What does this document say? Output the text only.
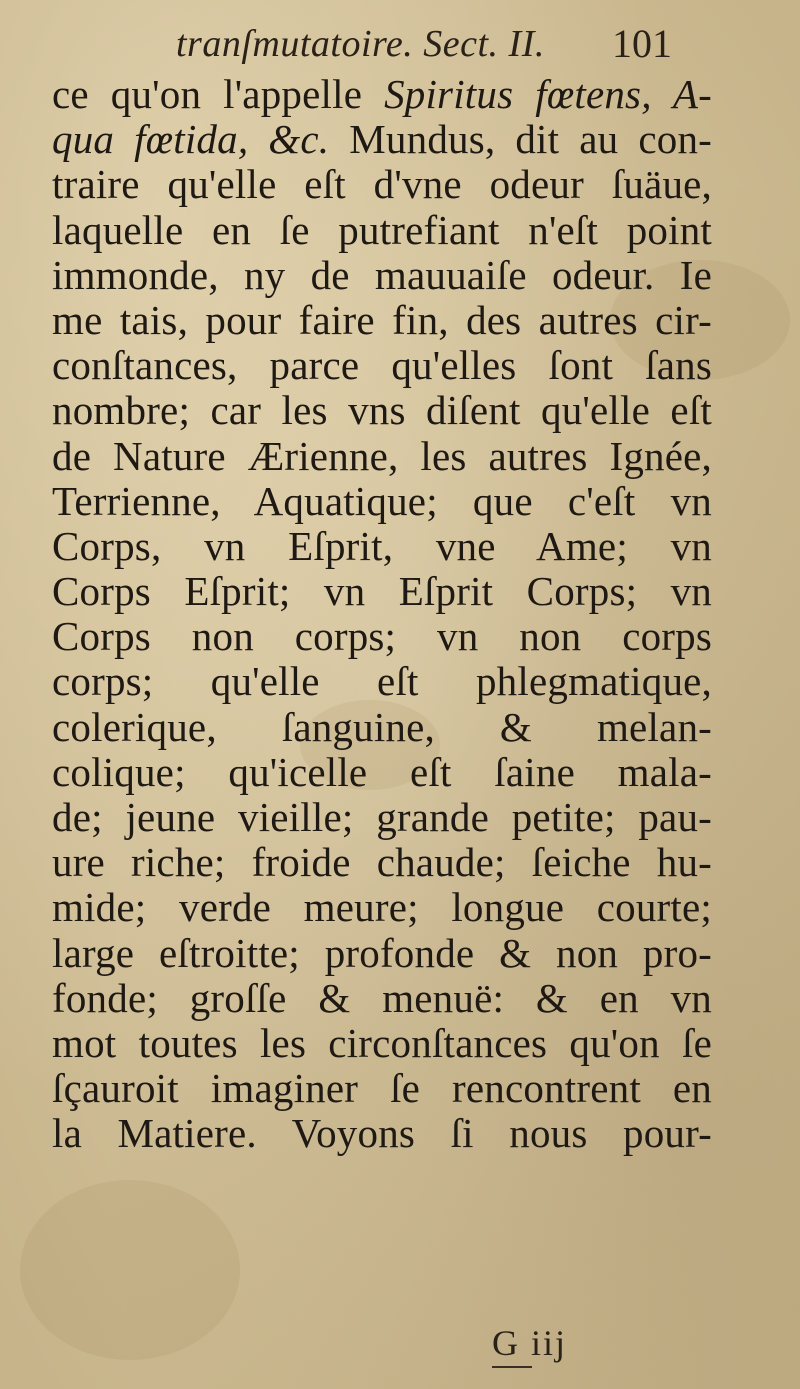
tranſmutatoire. Sect. II. 101
ce qu'on l'appelle Spiritus fœtens, A-
qua fœtida, &c. Mundus, dit au con-
traire qu'elle eſt d'vne odeur ſuäue,
laquelle en ſe putrefiant n'eſt point
immonde, ny de mauuaiſe odeur. Ie
me tais, pour faire fin, des autres cir-
conſtances, parce qu'elles ſont ſans
nombre; car les vns diſent qu'elle eſt
de Nature Ærienne, les autres Ignée,
Terrienne, Aquatique; que c'eſt vn
Corps, vn Eſprit, vne Ame; vn
Corps Eſprit; vn Eſprit Corps; vn
Corps non corps; vn non corps
corps; qu'elle eſt phlegmatique,
colerique, ſanguine, & melan-
colique; qu'icelle eſt ſaine mala-
de; jeune vieille; grande petite; pau-
ure riche; froide chaude; ſeiche hu-
mide; verde meure; longue courte;
large eſtroitte; profonde & non pro-
fonde; groſſe & menuë: & en vn
mot toutes les circonſtances qu'on ſe
ſçauroit imaginer ſe rencontrent en
la Matiere. Voyons ſi nous pour-
G iij
